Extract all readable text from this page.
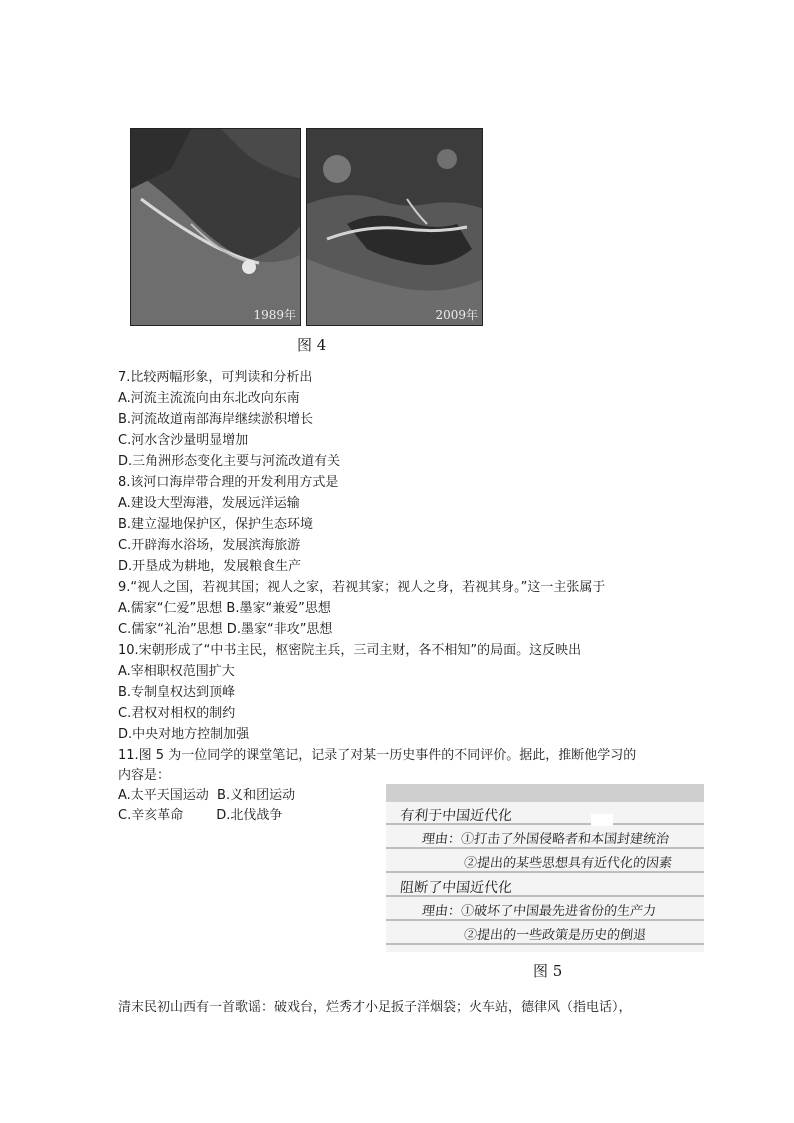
1989年	2009年
图 4
7.比较两幅形象，可判读和分析出
A.河流主流流向由东北改向东南
B.河流故道南部海岸继续淤积增长
C.河水含沙量明显增加
D.三角洲形态变化主要与河流改道有关
8.该河口海岸带合理的开发利用方式是
A.建设大型海港，发展远洋运输
B.建立湿地保护区，保护生态环境
C.开辟海水浴场，发展滨海旅游
D.开垦成为耕地，发展粮食生产
9.“视人之国，若视其国；视人之家，若视其家；视人之身，若视其身。”这一主张属于
A.儒家“仁爱”思想 B.墨家“兼爱”思想
C.儒家“礼治”思想 D.墨家“非攻”思想
10.宋朝形成了“中书主民，枢密院主兵，三司主财，各不相知”的局面。这反映出
A.宰相职权范围扩大
B.专制皇权达到顶峰
C.君权对相权的制约
D.中央对地方控制加强
11.图 5 为一位同学的课堂笔记，记录了对某一历史事件的不同评价。据此，推断他学习的
内容是：
A.太平天国运动  B.义和团运动
C.辛亥革命        D.北伐战争	有利于中国近代化
理由：①打击了外国侵略者和本国封建统治
②提出的某些思想具有近代化的因素
阻断了中国近代化
理由：①破坏了中国最先进省份的生产力
②提出的一些政策是历史的倒退
图 5
清末民初山西有一首歌谣：破戏台，烂秀才小足扳子洋烟袋；火车站，德律风（指电话），
